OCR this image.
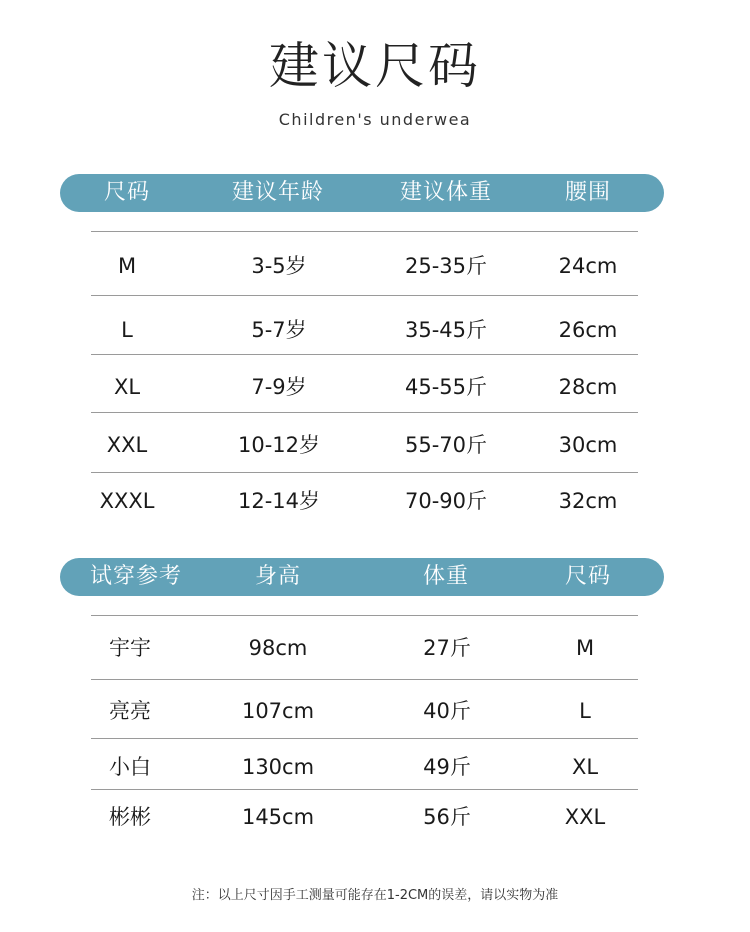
建议尺码
Children's underwea
尺码	建议年龄	建议体重	腰围
M	3-5岁	25-35斤	24cm
L	5-7岁	35-45斤	26cm
XL	7-9岁	45-55斤	28cm
XXL	10-12岁	55-70斤	30cm
XXXL	12-14岁	70-90斤	32cm
试穿参考	身高	体重	尺码
宇宇	98cm	27斤	M
亮亮	107cm	40斤	L
小白	130cm	49斤	XL
彬彬	145cm	56斤	XXL
注：以上尺寸因手工测量可能存在1-2CM的误差，请以实物为准
